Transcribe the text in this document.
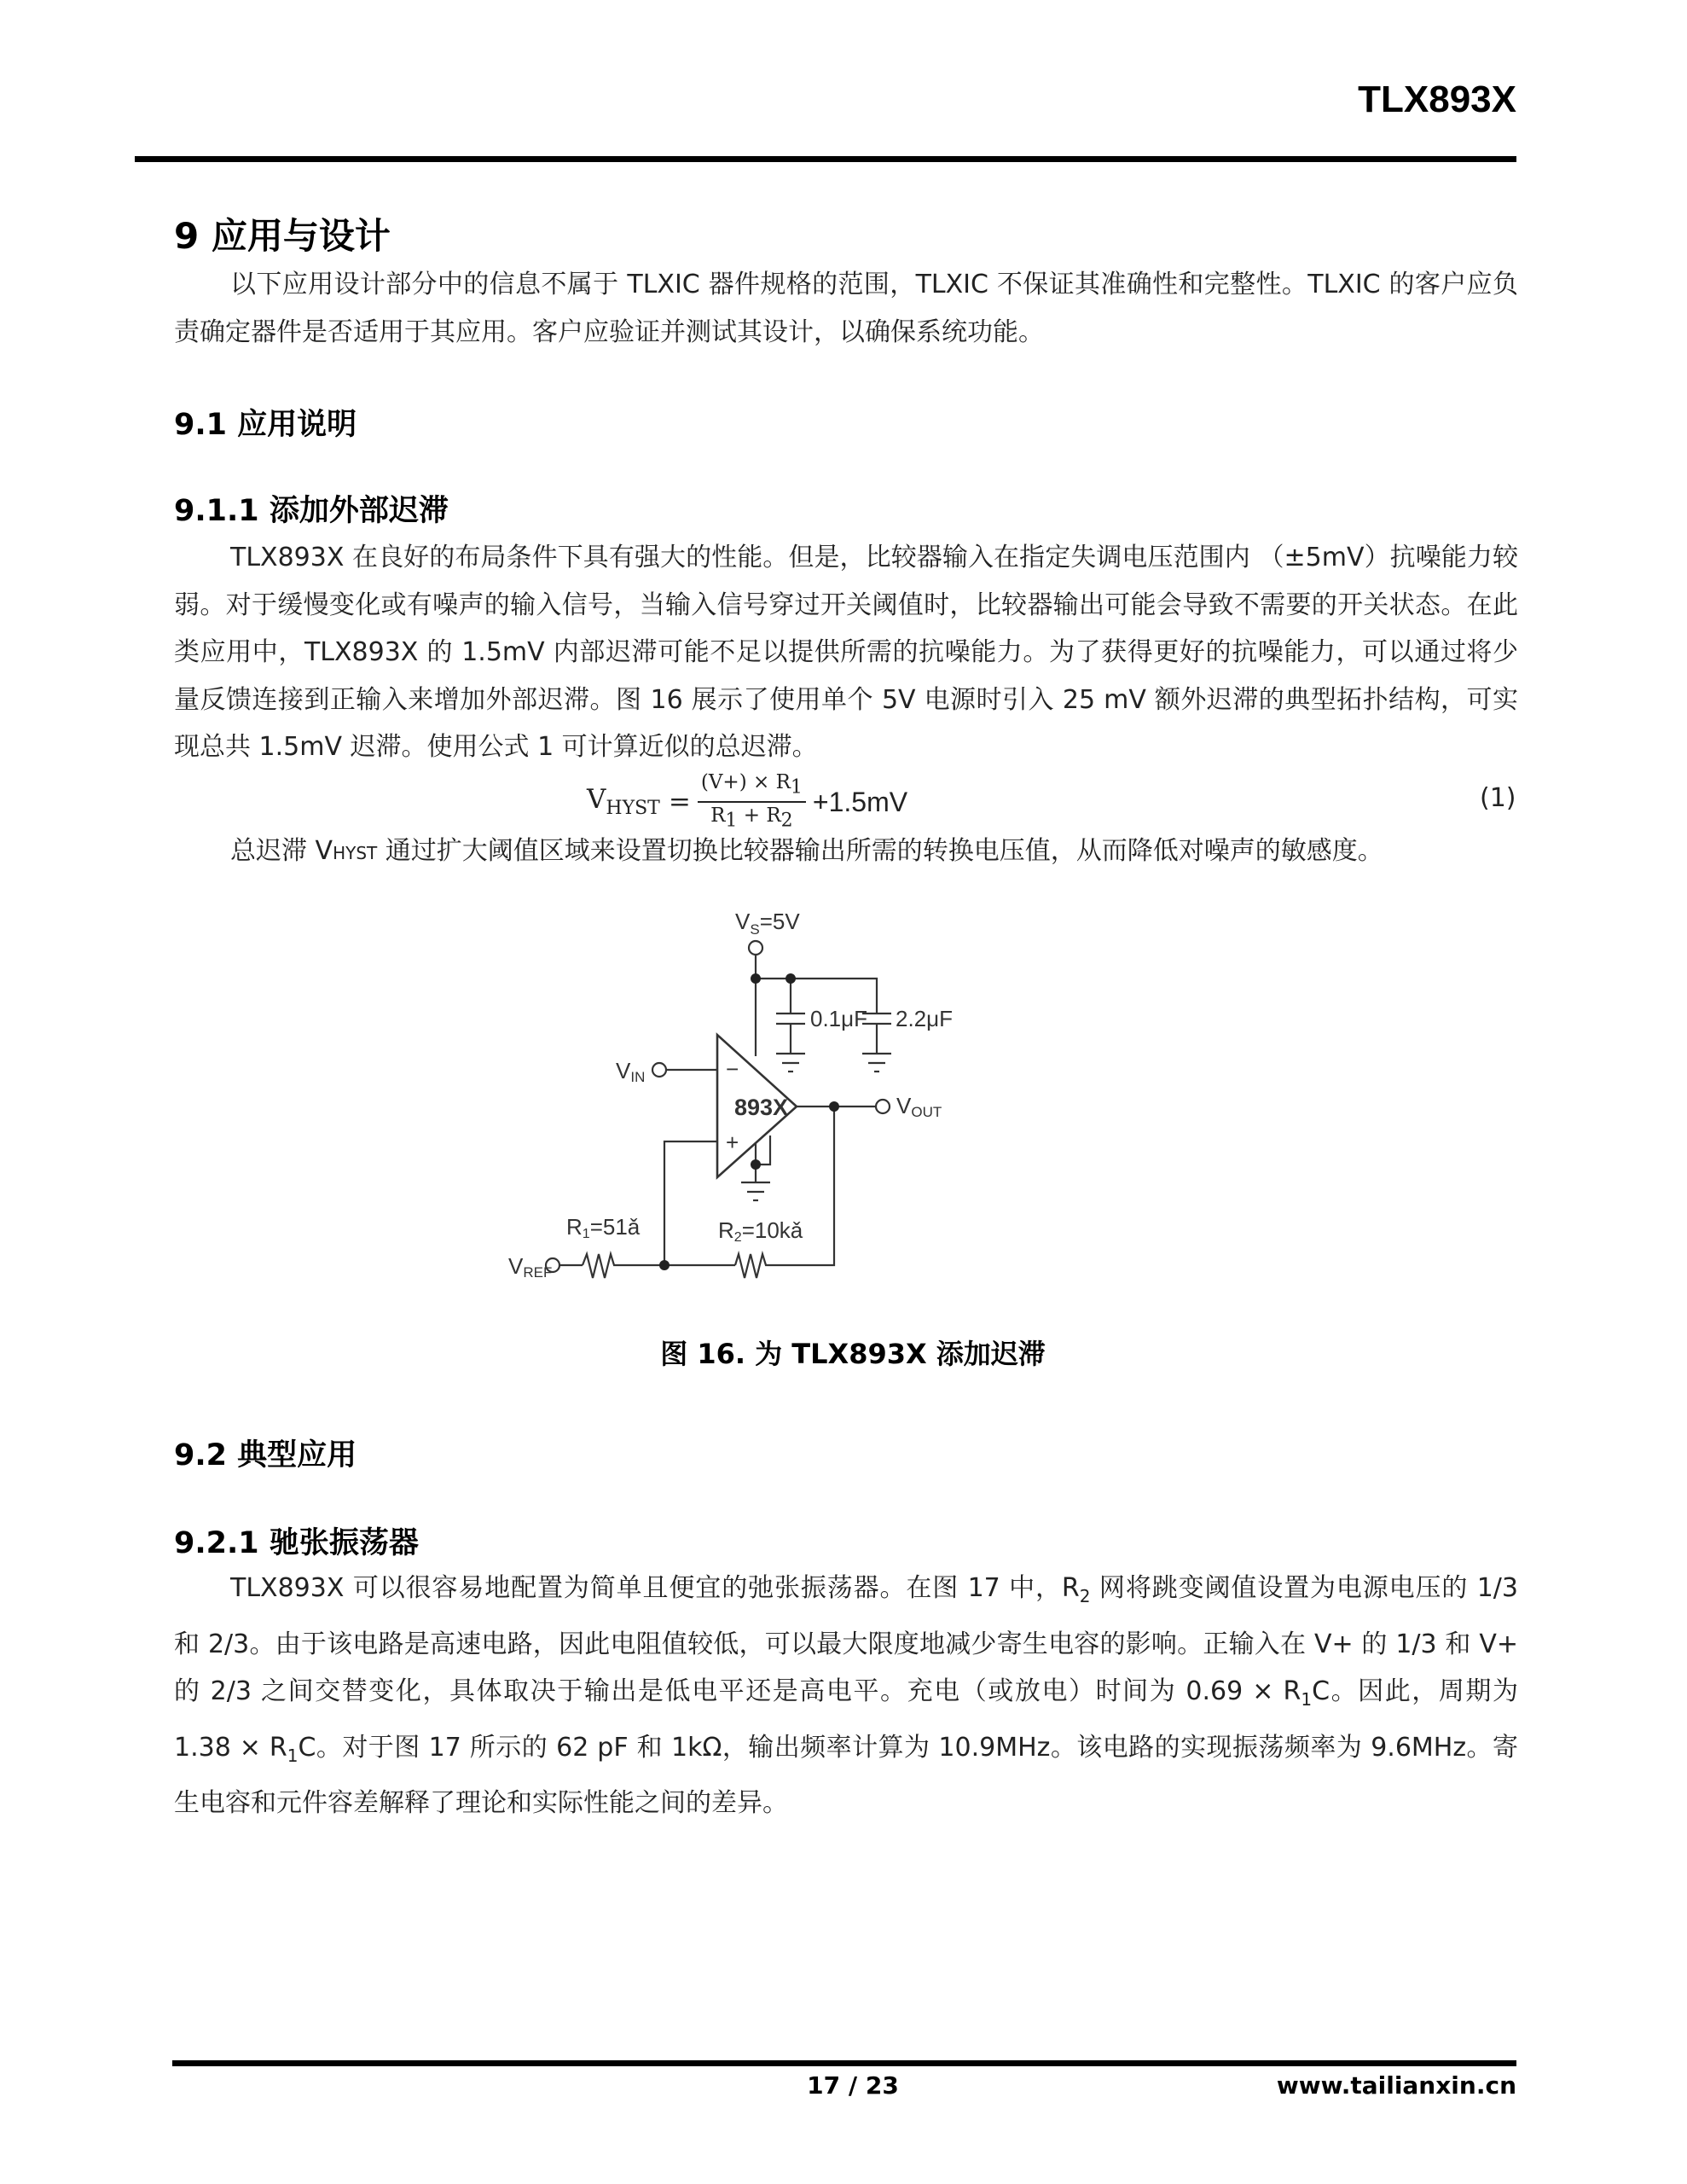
TLX893X
9 应用与设计

以下应用设计部分中的信息不属于 TLXIC 器件规格的范围，TLXIC 不保证其准确性和完整性。TLXIC 的客户应负责确定器件是否适用于其应用。客户应验证并测试其设计，以确保系统功能。

9.1 应用说明
9.1.1 添加外部迟滞

TLX893X 在良好的布局条件下具有强大的性能。但是，比较器输入在指定失调电压范围内 （±5mV）抗噪能力较弱。对于缓慢变化或有噪声的输入信号，当输入信号穿过开关阈值时，比较器输出可能会导致不需要的开关状态。在此类应用中，TLX893X 的 1.5mV 内部迟滞可能不足以提供所需的抗噪能力。为了获得更好的抗噪能力，可以通过将少量反馈连接到正输入来增加外部迟滞。图 16 展示了使用单个 5V 电源时引入 25 mV 额外迟滞的典型拓扑结构，可实现总共 1.5mV 迟滞。使用公式 1 可计算近似的总迟滞。

$V_{HYST} = \frac{(V+) \times R_1}{R_1 + R_2} +1.5mV$	(1)

总迟滞 VHYST 通过扩大阈值区域来设置切换比较器输出所需的转换电压值，从而降低对噪声的敏感度。

$V_S=5V$
0.1μF 2.2μF
VIN
VOUT
VREF
893X
−
+
R1=51ǎ	R2=10kǎ
图 16. 为 TLX893X 添加迟滞
9.2 典型应用
9.2.1 驰张振荡器

TLX893X 可以很容易地配置为简单且便宜的弛张振荡器。在图 17 中，$R_2$ 网将跳变阈值设置为电源电压的 1/3 和 2/3。由于该电路是高速电路，因此电阻值较低，可以最大限度地减少寄生电容的影响。正输入在 V+ 的 1/3 和 V+ 的 2/3 之间交替变化，具体取决于输出是低电平还是高电平。充电（或放电）时间为 $0.69 \times R_1C$。因此，周期为 $1.38 \times R_1C$。对于图 17 所示的 62 pF 和 1kΩ，输出频率计算为 10.9MHz。该电路的实现振荡频率为 9.6MHz。寄生电容和元件容差解释了理论和实际性能之间的差异。

17 / 23	www.tailianxin.cn
